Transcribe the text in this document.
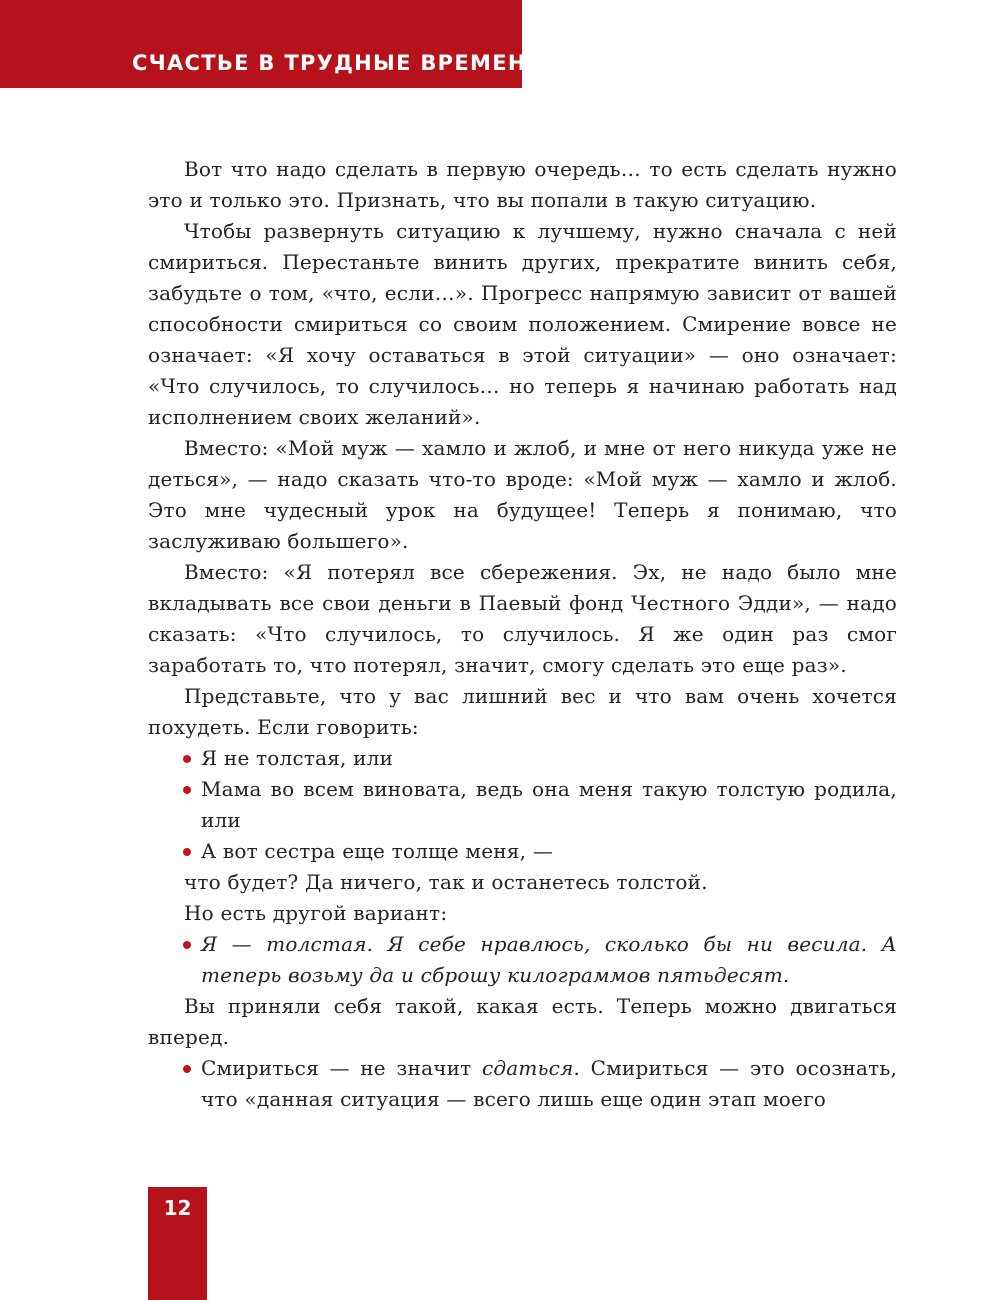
СЧАСТЬЕ В ТРУДНЫЕ ВРЕМЕНА

Вот что надо сделать в первую очередь… то есть сделать нужно это и только это. Признать, что вы попали в такую ситуацию.

Чтобы развернуть ситуацию к лучшему, нужно сначала с ней смириться. Перестаньте винить других, прекратите винить себя, забудьте о том, «что, если…». Прогресс напрямую зависит от вашей способности смириться со своим положением. Смирение вовсе не означает: «Я хочу оставаться в этой ситуации» — оно означает: «Что случилось, то случилось… но теперь я начинаю работать над исполнением своих желаний».

Вместо: «Мой муж — хамло и жлоб, и мне от него никуда уже не деться», — надо сказать что-то вроде: «Мой муж — хамло и жлоб. Это мне чудесный урок на будущее! Теперь я понимаю, что заслуживаю большего».

Вместо: «Я потерял все сбережения. Эх, не надо было мне вкладывать все свои деньги в Паевый фонд Честного Эдди», — надо сказать: «Что случилось, то случилось. Я же один раз смог заработать то, что потерял, значит, смогу сделать это еще раз».

Представьте, что у вас лишний вес и что вам очень хочется похудеть. Если говорить:

Я не толстая, или
Мама во всем виновата, ведь она меня такую толстую родила, или
А вот сестра еще толще меня, —

что будет? Да ничего, так и останетесь толстой.

Но есть другой вариант:

Я — толстая. Я себе нравлюсь, сколько бы ни весила. А теперь возьму да и сброшу килограммов пятьдесят.

Вы приняли себя такой, какая есть. Теперь можно двигаться вперед.

Смириться — не значит сдаться. Смириться — это осознать, что «данная ситуация — всего лишь еще один этап моего
12
